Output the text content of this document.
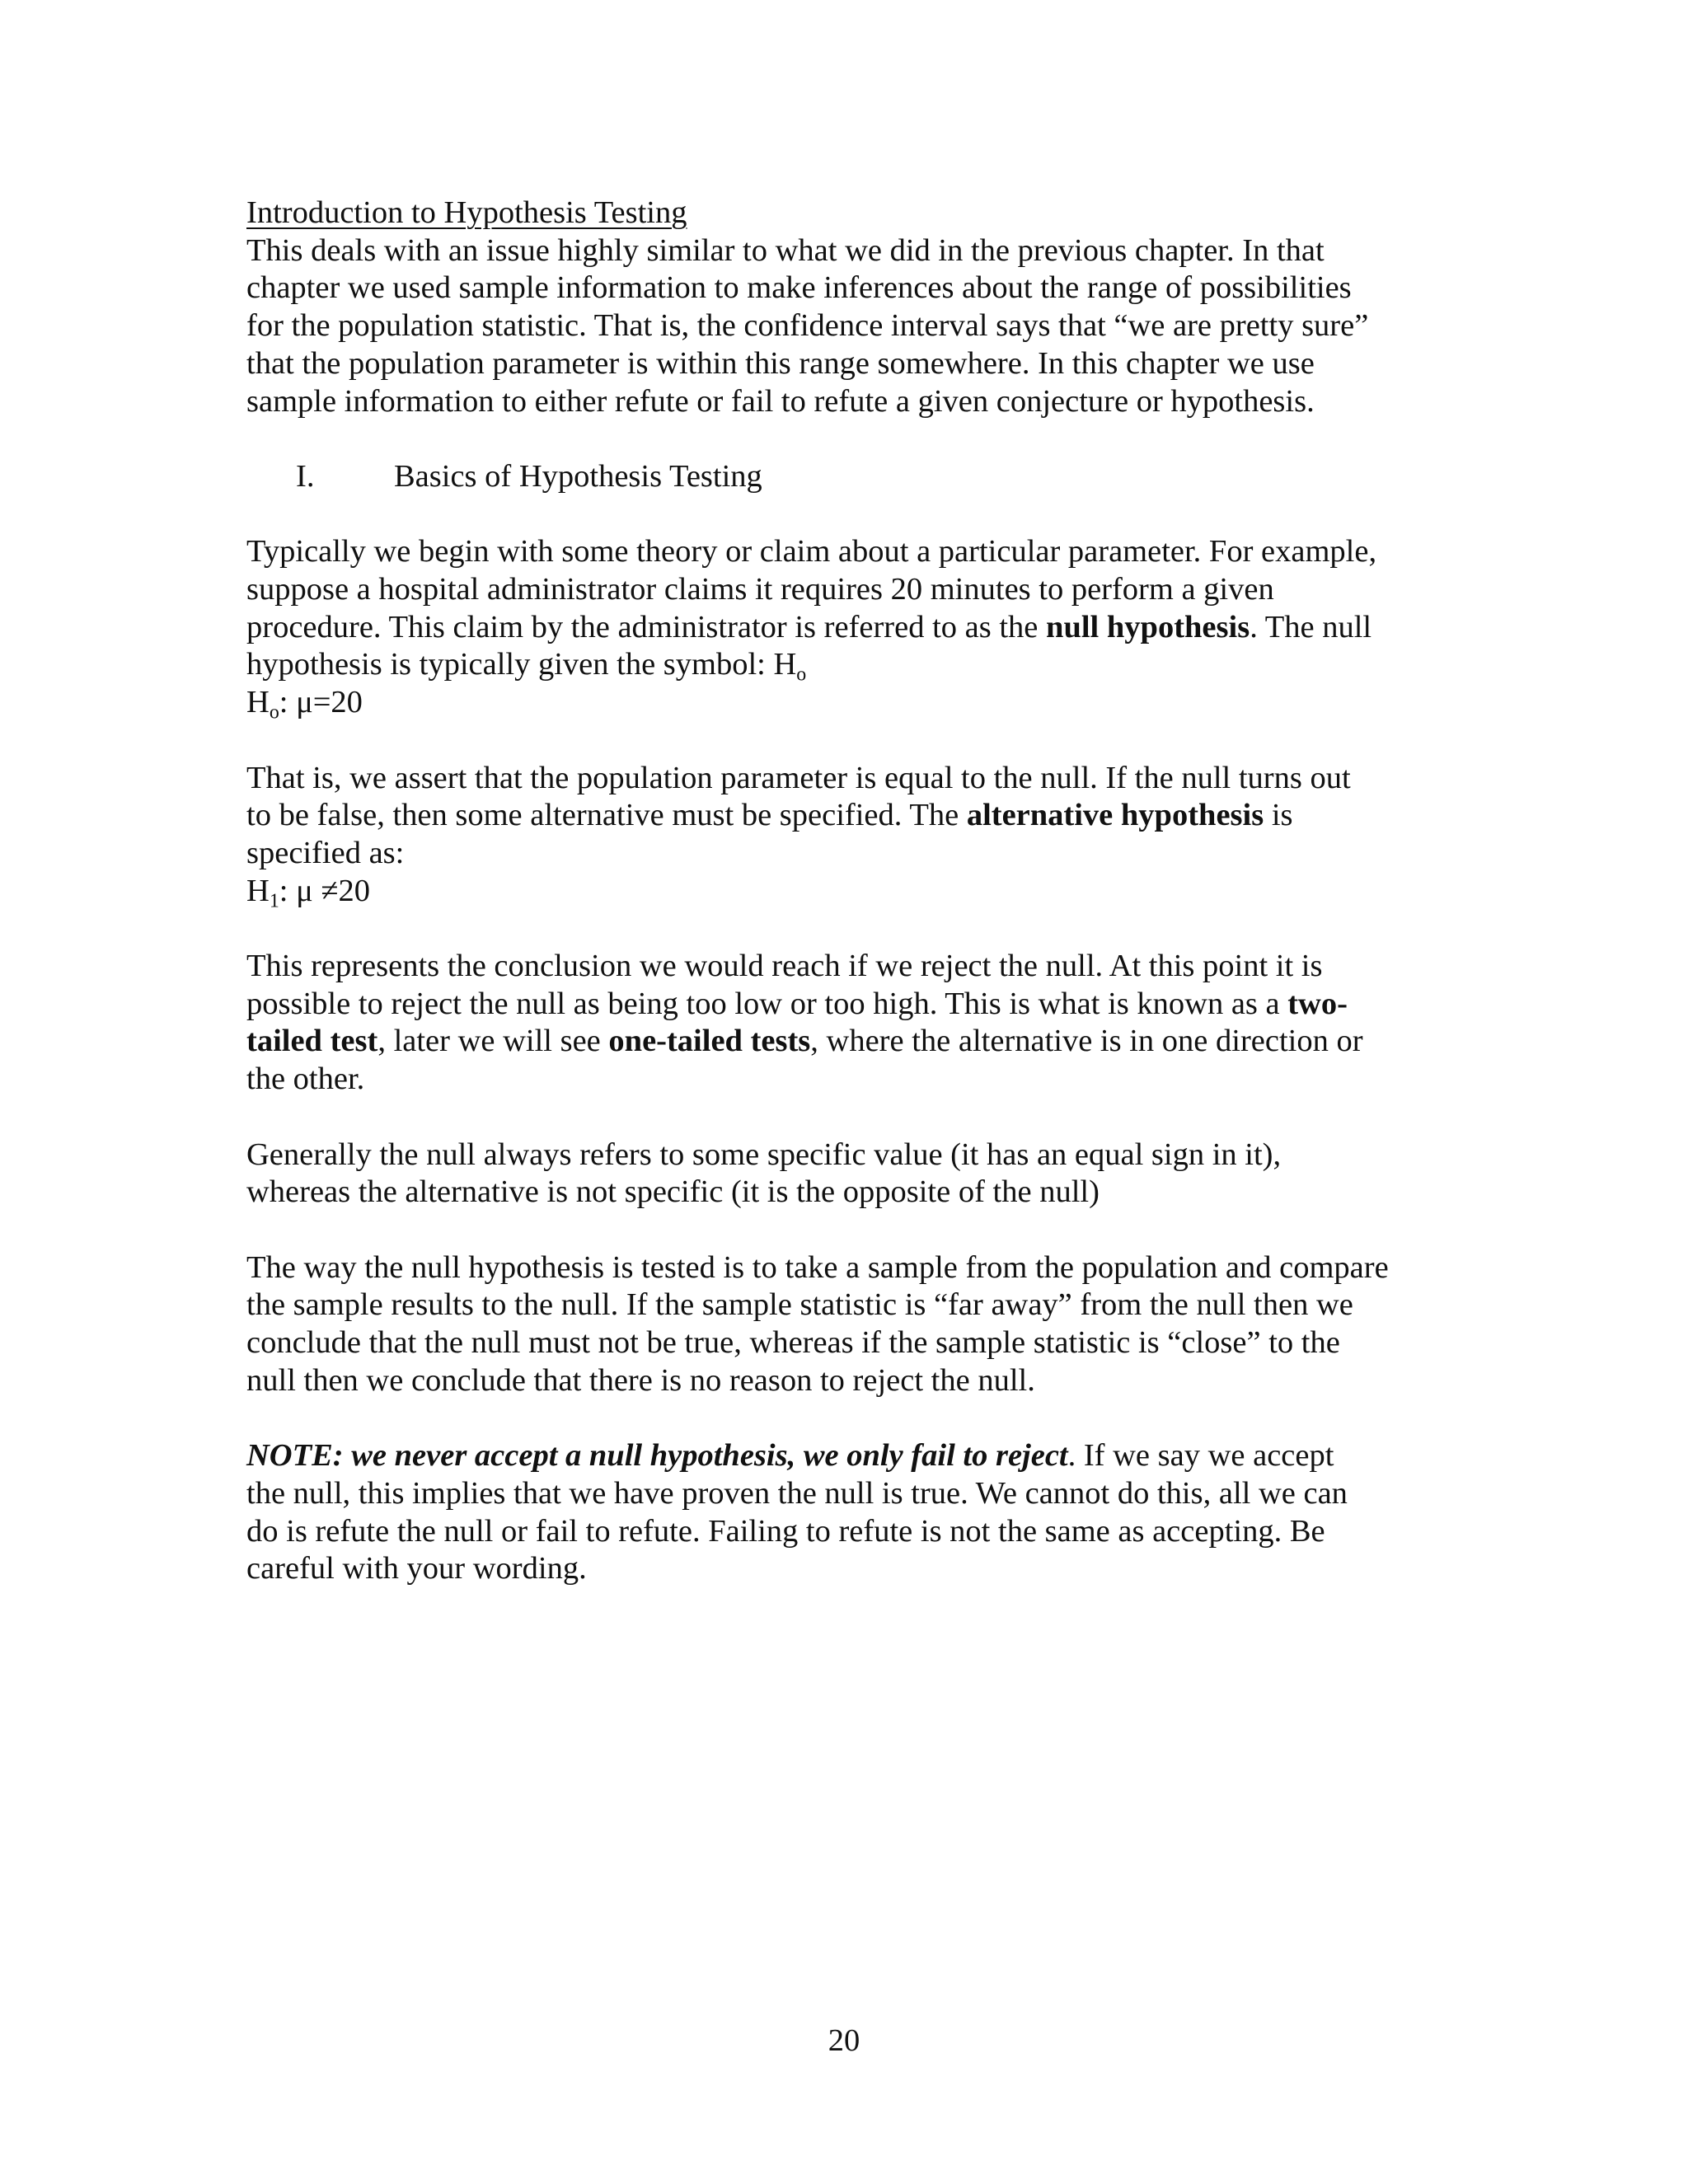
Introduction to Hypothesis Testing
This deals with an issue highly similar to what we did in the previous chapter. In that
chapter we used sample information to make inferences about the range of possibilities
for the population statistic. That is, the confidence interval says that “we are pretty sure”
that the population parameter is within this range somewhere. In this chapter we use
sample information to either refute or fail to refute a given conjecture or hypothesis.
I.	Basics of Hypothesis Testing
Typically we begin with some theory or claim about a particular parameter. For example,
suppose a hospital administrator claims it requires 20 minutes to perform a given
procedure. This claim by the administrator is referred to as the null hypothesis. The null
hypothesis is typically given the symbol: $H_o$
$H_o$: μ=20
That is, we assert that the population parameter is equal to the null. If the null turns out
to be false, then some alternative must be specified. The alternative hypothesis is
specified as:
$H_1$: μ ≠20
This represents the conclusion we would reach if we reject the null. At this point it is
possible to reject the null as being too low or too high. This is what is known as a two-
tailed test, later we will see one-tailed tests, where the alternative is in one direction or
the other.
Generally the null always refers to some specific value (it has an equal sign in it),
whereas the alternative is not specific (it is the opposite of the null)
The way the null hypothesis is tested is to take a sample from the population and compare
the sample results to the null. If the sample statistic is “far away” from the null then we
conclude that the null must not be true, whereas if the sample statistic is “close” to the
null then we conclude that there is no reason to reject the null.
NOTE: we never accept a null hypothesis, we only fail to reject. If we say we accept
the null, this implies that we have proven the null is true. We cannot do this, all we can
do is refute the null or fail to refute. Failing to refute is not the same as accepting. Be
careful with your wording.
20
